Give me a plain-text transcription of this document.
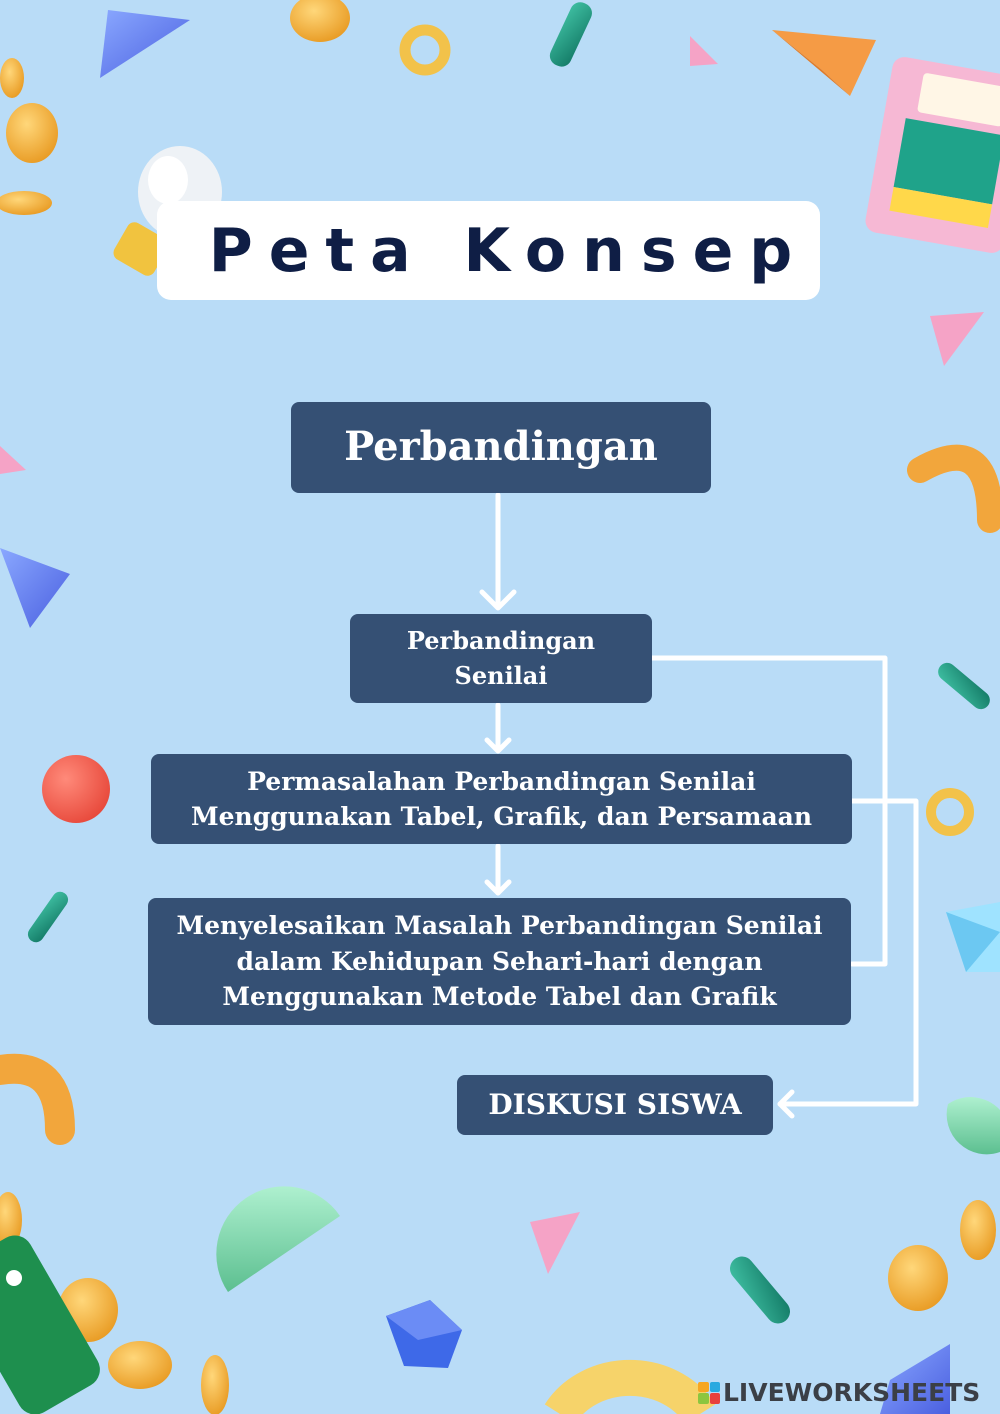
Peta Konsep
Perbandingan
Perbandingan
Senilai
Permasalahan Perbandingan Senilai
Menggunakan Tabel, Grafik, dan Persamaan
Menyelesaikan Masalah Perbandingan Senilai
dalam Kehidupan Sehari-hari dengan
Menggunakan Metode Tabel dan Grafik
DISKUSI SISWA
LIVEWORKSHEETS
